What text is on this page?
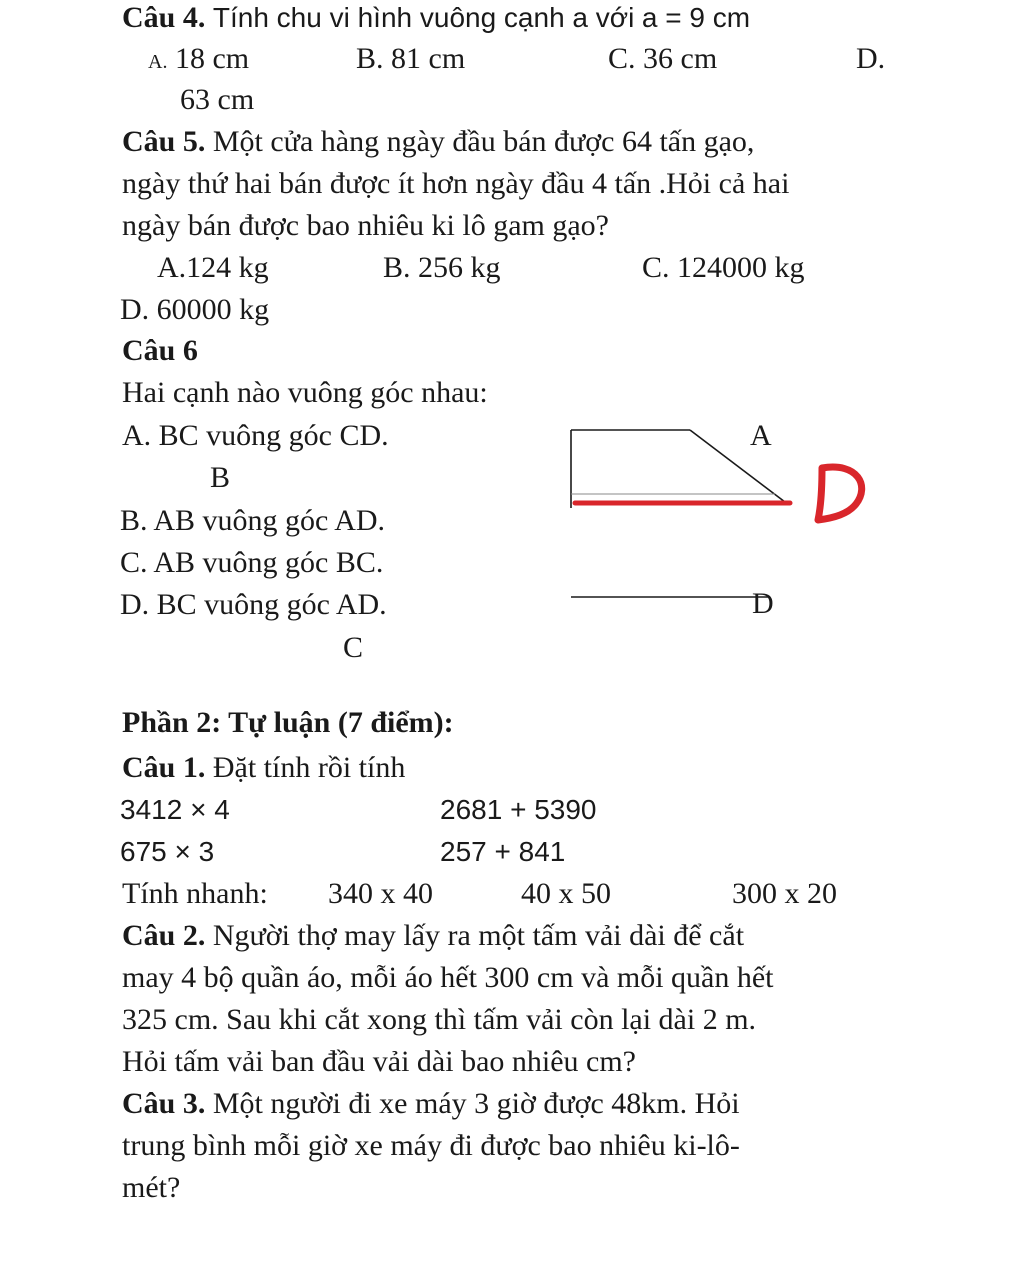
Câu 4. Tính chu vi hình vuông cạnh a với a = 9 cm
A. 18 cm	B. 81 cm	C. 36 cm	D.
63 cm
Câu 5. Một cửa hàng ngày đầu bán được 64 tấn gạo,
ngày thứ hai bán được ít hơn ngày đầu 4 tấn .Hỏi cả hai
ngày bán được bao nhiêu ki lô gam gạo?
A.124 kg	B. 256 kg	C. 124000 kg
D. 60000 kg
Câu 6
Hai cạnh nào vuông góc nhau:
A. BC vuông góc CD.
B
B. AB vuông góc AD.
C. AB vuông góc BC.
D. BC vuông góc AD.
C
A
D
Phần 2: Tự luận (7 điểm):
Câu 1. Đặt tính rồi tính
3412 × 4	2681 + 5390
675 × 3	257 + 841
Tính nhanh: 340 x 40	40 x 50	300 x 20
Câu 2. Người thợ may lấy ra một tấm vải dài để cắt
may 4 bộ quần áo, mỗi áo hết 300 cm và mỗi quần hết
325 cm. Sau khi cắt xong thì tấm vải còn lại dài 2 m.
Hỏi tấm vải ban đầu vải dài bao nhiêu cm?
Câu 3. Một người đi xe máy 3 giờ được 48km. Hỏi
trung bình mỗi giờ xe máy đi được bao nhiêu ki-lô-
mét?
